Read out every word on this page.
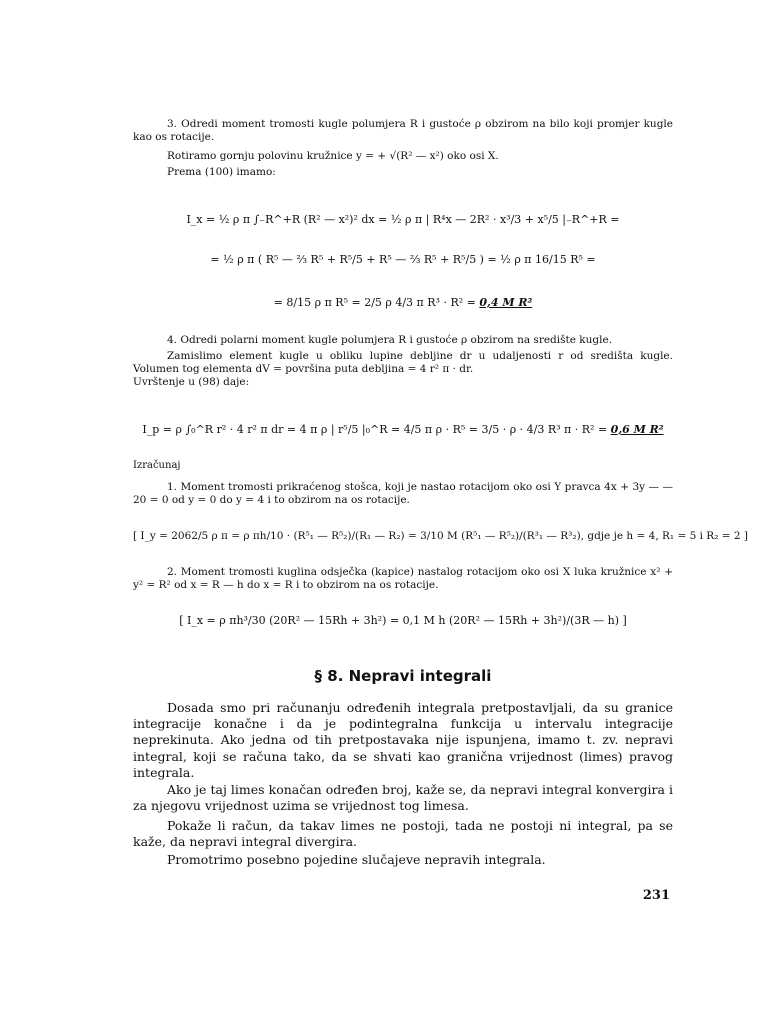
3. Odredi moment tromosti kugle polumjera R i gustoće ρ obzirom na bilo koji promjer kugle kao os rotacije.

Rotiramo gornju polovinu kružnice y = + √(R² — x²) oko osi X.

Prema (100) imamo:

I_x = ½ ρ π ∫₋R^+R (R² — x²)² dx = ½ ρ π | R⁴x — 2R² · x³/3 + x⁵/5 |₋R^+R =
= ½ ρ π ( R⁵ — ⅔ R⁵ + R⁵/5 + R⁵ — ⅔ R⁵ + R⁵/5 ) = ½ ρ π 16/15 R⁵ =
= 8/15 ρ π R⁵ = 2/5 ρ 4/3 π R³ · R² = 0,4 M R²

4. Odredi polarni moment kugle polumjera R i gustoće ρ obzirom na središte kugle.

Zamislimo element kugle u obliku lupine debljine dr u udaljenosti r od središta kugle. Volumen tog elementa dV = površina puta debljina = 4 r² π · dr.

Uvrštenje u (98) daje:

I_p = ρ ∫₀^R r² · 4 r² π dr = 4 π ρ | r⁵/5 |₀^R = 4/5 π ρ · R⁵ = 3/5 · ρ · 4/3 R³ π · R² = 0,6 M R²
Izračunaj

1. Moment tromosti prikraćenog stošca, koji je nastao rotacijom oko osi Y pravca 4x + 3y — — 20 = 0 od y = 0 do y = 4 i to obzirom na os rotacije.

[ I_y = 2062/5 ρ π = ρ πh/10 · (R⁵₁ — R⁵₂)/(R₁ — R₂) = 3/10 M (R⁵₁ — R⁵₂)/(R³₁ — R³₂), gdje je h = 4, R₁ = 5 i R₂ = 2 ]

2. Moment tromosti kuglina odsječka (kapice) nastalog rotacijom oko osi X luka kružnice x² + y² = R² od x = R — h do x = R i to obzirom na os rotacije.

[ I_x = ρ πh³/30 (20R² — 15Rh + 3h²) = 0,1 M h (20R² — 15Rh + 3h²)/(3R — h) ]
§ 8. Nepravi integrali

Dosada smo pri računanju određenih integrala pretpostavljali, da su granice integracije konačne i da je podintegralna funkcija u intervalu integracije neprekinuta. Ako jedna od tih pretpostavaka nije ispunjena, imamo t. zv. nepravi integral, koji se računa tako, da se shvati kao granična vrijednost (limes) pravog integrala.

Ako je taj limes konačan određen broj, kaže se, da nepravi integral konvergira i za njegovu vrijednost uzima se vrijednost tog limesa.

Pokaže li račun, da takav limes ne postoji, tada ne postoji ni integral, pa se kaže, da nepravi integral divergira.

Promotrimo posebno pojedine slučajeve nepravih integrala.

231
